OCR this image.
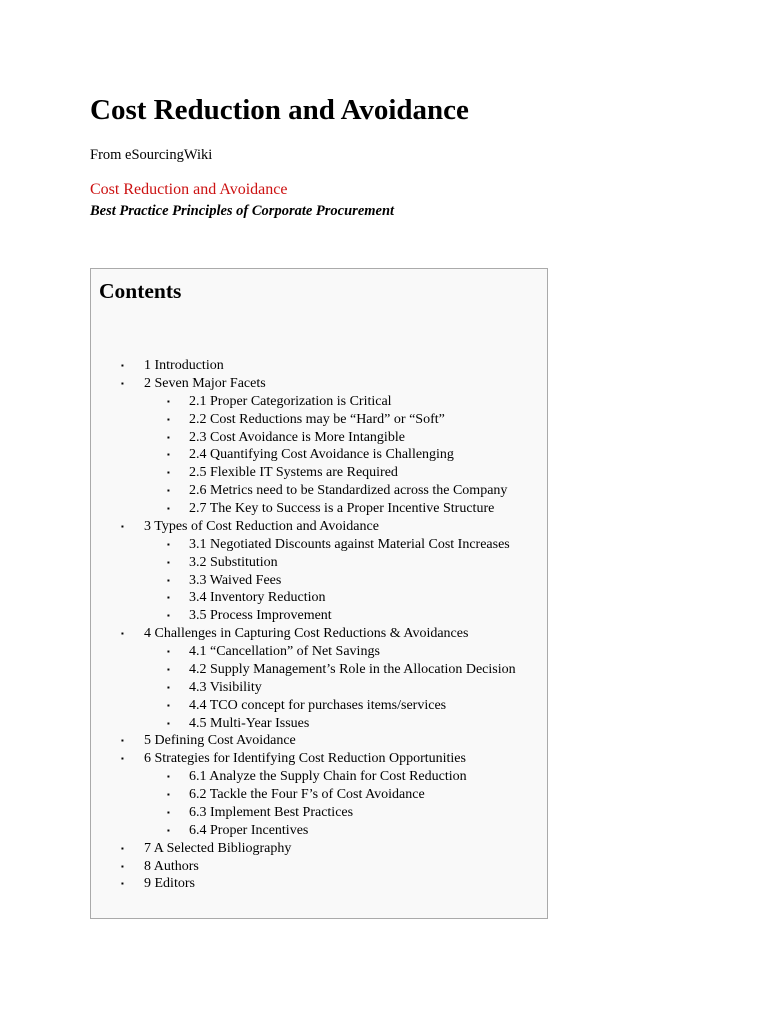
Cost Reduction and Avoidance
From eSourcingWiki
Cost Reduction and Avoidance
Best Practice Principles of Corporate Procurement
Contents
▪ 1 Introduction
▪ 2 Seven Major Facets
▪ 2.1 Proper Categorization is Critical
▪ 2.2 Cost Reductions may be “Hard” or “Soft”
▪ 2.3 Cost Avoidance is More Intangible
▪ 2.4 Quantifying Cost Avoidance is Challenging
▪ 2.5 Flexible IT Systems are Required
▪ 2.6 Metrics need to be Standardized across the Company
▪ 2.7 The Key to Success is a Proper Incentive Structure
▪ 3 Types of Cost Reduction and Avoidance
▪ 3.1 Negotiated Discounts against Material Cost Increases
▪ 3.2 Substitution
▪ 3.3 Waived Fees
▪ 3.4 Inventory Reduction
▪ 3.5 Process Improvement
▪ 4 Challenges in Capturing Cost Reductions & Avoidances
▪ 4.1 “Cancellation” of Net Savings
▪ 4.2 Supply Management’s Role in the Allocation Decision
▪ 4.3 Visibility
▪ 4.4 TCO concept for purchases items/services
▪ 4.5 Multi-Year Issues
▪ 5 Defining Cost Avoidance
▪ 6 Strategies for Identifying Cost Reduction Opportunities
▪ 6.1 Analyze the Supply Chain for Cost Reduction
▪ 6.2 Tackle the Four F’s of Cost Avoidance
▪ 6.3 Implement Best Practices
▪ 6.4 Proper Incentives
▪ 7 A Selected Bibliography
▪ 8 Authors
▪ 9 Editors
